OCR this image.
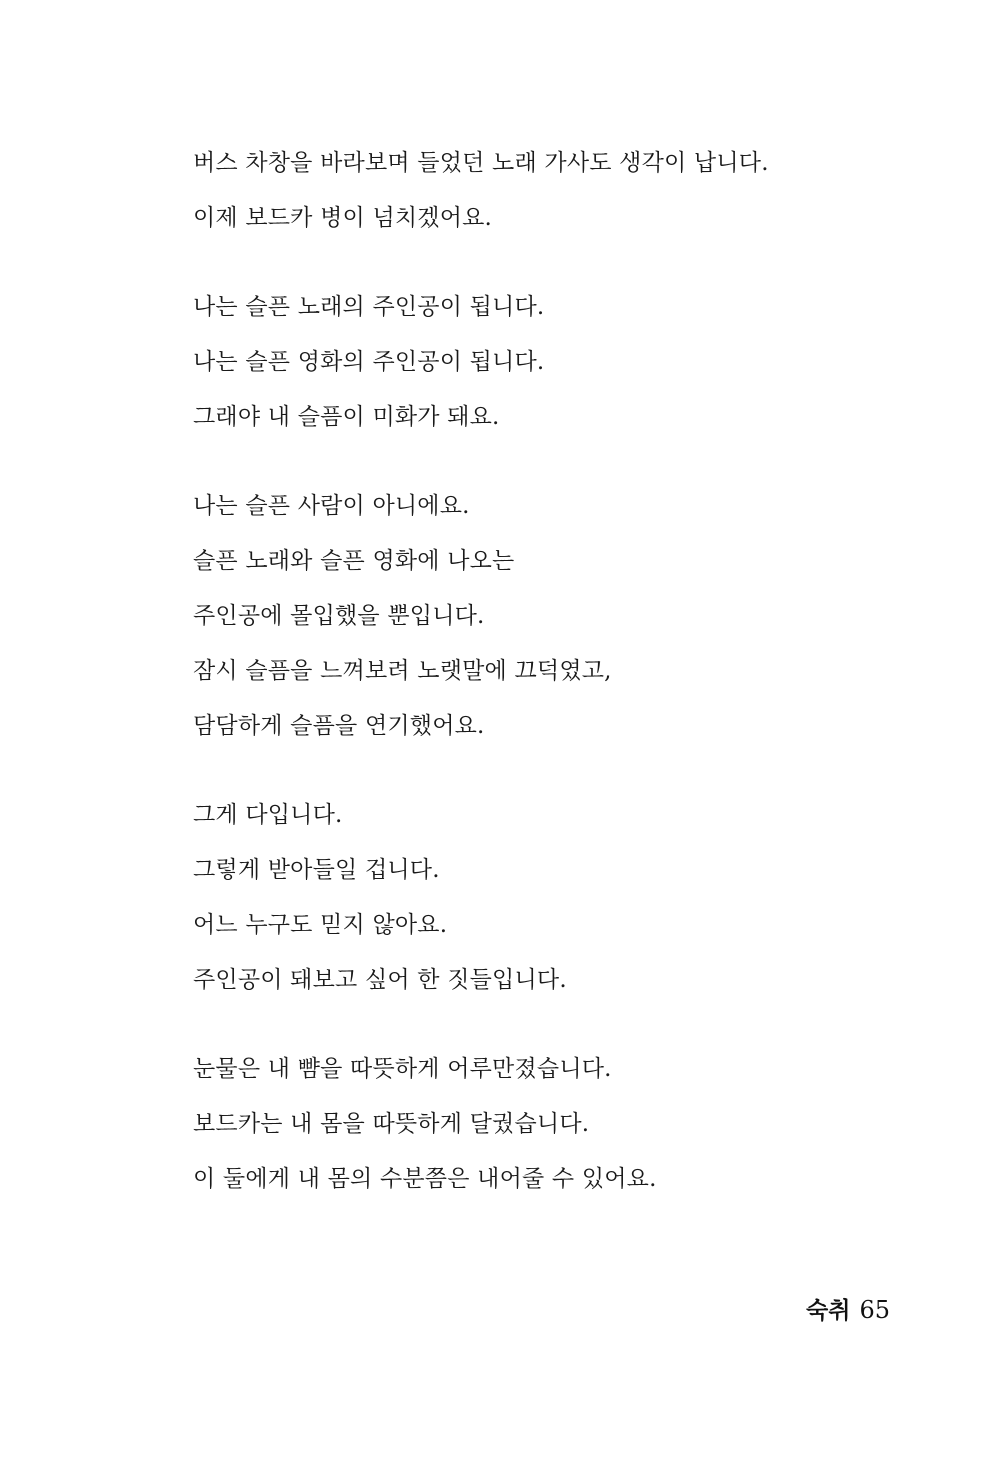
버스 차창을 바라보며 들었던 노래 가사도 생각이 납니다.
이제 보드카 병이 넘치겠어요.
나는 슬픈 노래의 주인공이 됩니다.
나는 슬픈 영화의 주인공이 됩니다.
그래야 내 슬픔이 미화가 돼요.
나는 슬픈 사람이 아니에요.
슬픈 노래와 슬픈 영화에 나오는
주인공에 몰입했을 뿐입니다.
잠시 슬픔을 느껴보려 노랫말에 끄덕였고,
담담하게 슬픔을 연기했어요.
그게 다입니다.
그렇게 받아들일 겁니다.
어느 누구도 믿지 않아요.
주인공이 돼보고 싶어 한 짓들입니다.
눈물은 내 뺨을 따뜻하게 어루만졌습니다.
보드카는 내 몸을 따뜻하게 달궜습니다.
이 둘에게 내 몸의 수분쯤은 내어줄 수 있어요.
숙취 65
